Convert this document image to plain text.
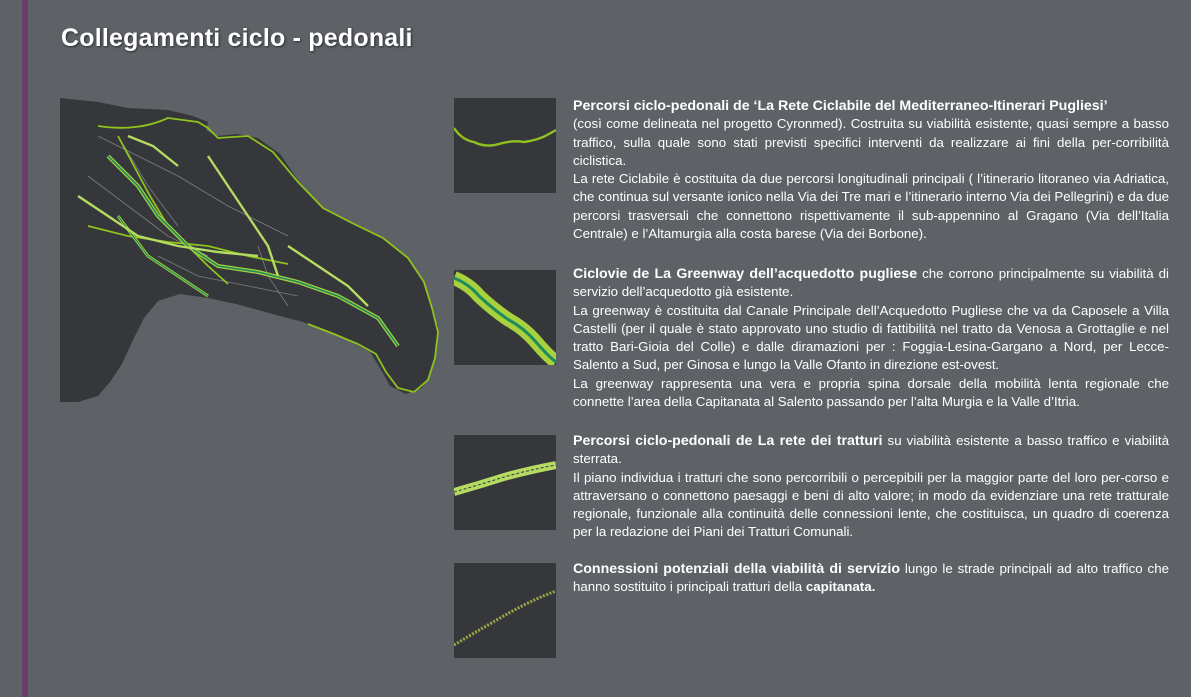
Collegamenti ciclo - pedonali

Percorsi ciclo-pedonali de ‘La Rete Ciclabile del Mediterraneo-Itinerari Pugliesi’

(così come delineata nel progetto Cyronmed). Costruita su viabilità esistente, quasi sempre a basso traffico, sulla quale sono stati previsti specifici interventi da realizzare ai fini della per-corribilità ciclistica.

La rete Ciclabile è costituita da due percorsi longitudinali principali ( l’itinerario litoraneo via Adriatica, che continua sul versante ionico nella Via dei Tre mari e l’itinerario interno Via dei Pellegrini) e da due percorsi trasversali che connettono rispettivamente il sub-appennino al Gragano (Via dell’Italia Centrale) e l’Altamurgia alla costa barese (Via dei Borbone).

Ciclovie de La Greenway dell’acquedotto pugliese che corrono principalmente su viabilità di servizio dell’acquedotto già esistente.

La greenway è costituita dal Canale Principale dell’Acquedotto Pugliese che va da Caposele a Villa Castelli (per il quale è stato approvato uno studio di fattibilità nel tratto da Venosa a Grottaglie e nel tratto Bari-Gioia del Colle) e dalle diramazioni per : Foggia-Lesina-Gargano a Nord, per Lecce-Salento a Sud, per Ginosa e lungo la Valle Ofanto in direzione est-ovest.

La greenway rappresenta una vera e propria spina dorsale della mobilità lenta regionale che connette l’area della Capitanata al Salento passando per l’alta Murgia e la Valle d’Itria.

Percorsi ciclo-pedonali de La rete dei tratturi su viabilità esistente a basso traffico e viabilità sterrata.

Il piano individua i tratturi che sono percorribili o percepibili per la maggior parte del loro per-corso e attraversano o connettono paesaggi e beni di alto valore; in modo da evidenziare una rete tratturale regionale, funzionale alla continuità delle connessioni lente, che costituisca, un quadro di coerenza per la redazione dei Piani dei Tratturi Comunali.

Connessioni potenziali della viabilità di servizio lungo le strade principali ad alto traffico che hanno sostituito i principali tratturi della capitanata.
